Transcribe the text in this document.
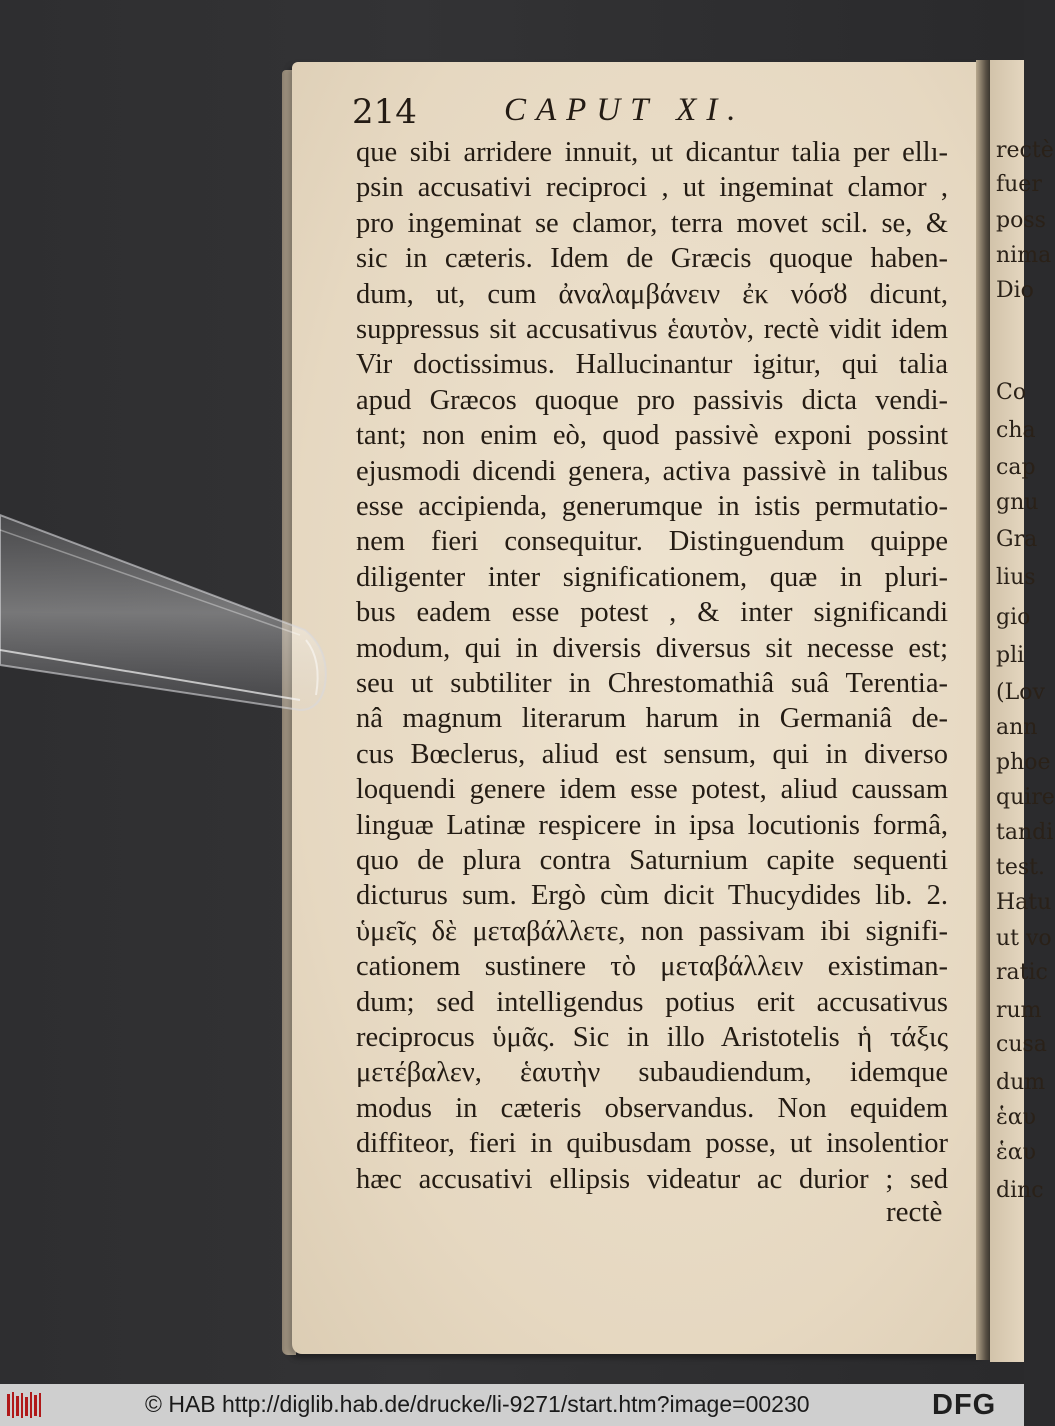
rectè
fuer
poss
nima
Dio
Co
cha
cap
gnu
Gra
lius
gio
pli
(Lov
ann
phoe
quire
tandi
test.
Hatu
ut vo
ratic
rum
cusa
dum
ἑαυ
ἑαυ
dinc
214	CAPUT XI.
que sibi arridere innuit, ut dicantur talia per ellı-
psin accusativi reciproci , ut ingeminat clamor ,
pro ingeminat se clamor, terra movet scil. se, &
sic in cæteris. Idem de Græcis quoque haben-
dum, ut, cum ἀναλαμβάνειν ἐκ νόσȣ dicunt,
suppressus sit accusativus ἑαυτὸν, rectè vidit idem
Vir doctissimus. Hallucinantur igitur, qui talia
apud Græcos quoque pro passivis dicta vendi-
tant; non enim eò, quod passivè exponi possint
ejusmodi dicendi genera, activa passivè in talibus
esse accipienda, generumque in istis permutatio-
nem fieri consequitur. Distinguendum quippe
diligenter inter significationem, quæ in pluri-
bus eadem esse potest , & inter significandi
modum, qui in diversis diversus sit necesse est;
seu ut subtiliter in Chrestomathiâ suâ Terentia-
nâ magnum literarum harum in Germaniâ de-
cus Bœclerus, aliud est sensum, qui in diverso
loquendi genere idem esse potest, aliud caussam
linguæ Latinæ respicere in ipsa locutionis formâ,
quo de plura contra Saturnium capite sequenti
dicturus sum. Ergò cùm dicit Thucydides lib. 2.
ὑμεῖς δὲ μεταβάλλετε, non passivam ibi signifi-
cationem sustinere τὸ μεταβάλλειν existiman-
dum; sed intelligendus potius erit accusativus
reciprocus ὑμᾶς. Sic in illo Aristotelis ἡ τάξις
μετέβαλεν, ἑαυτὴν subaudiendum, idemque
modus in cæteris observandus. Non equidem
diffiteor, fieri in quibusdam posse, ut insolentior
hæc accusativi ellipsis videatur ac durior ; sed
rectè
© HAB http://diglib.hab.de/drucke/li-9271/start.htm?image=00230	DFG
